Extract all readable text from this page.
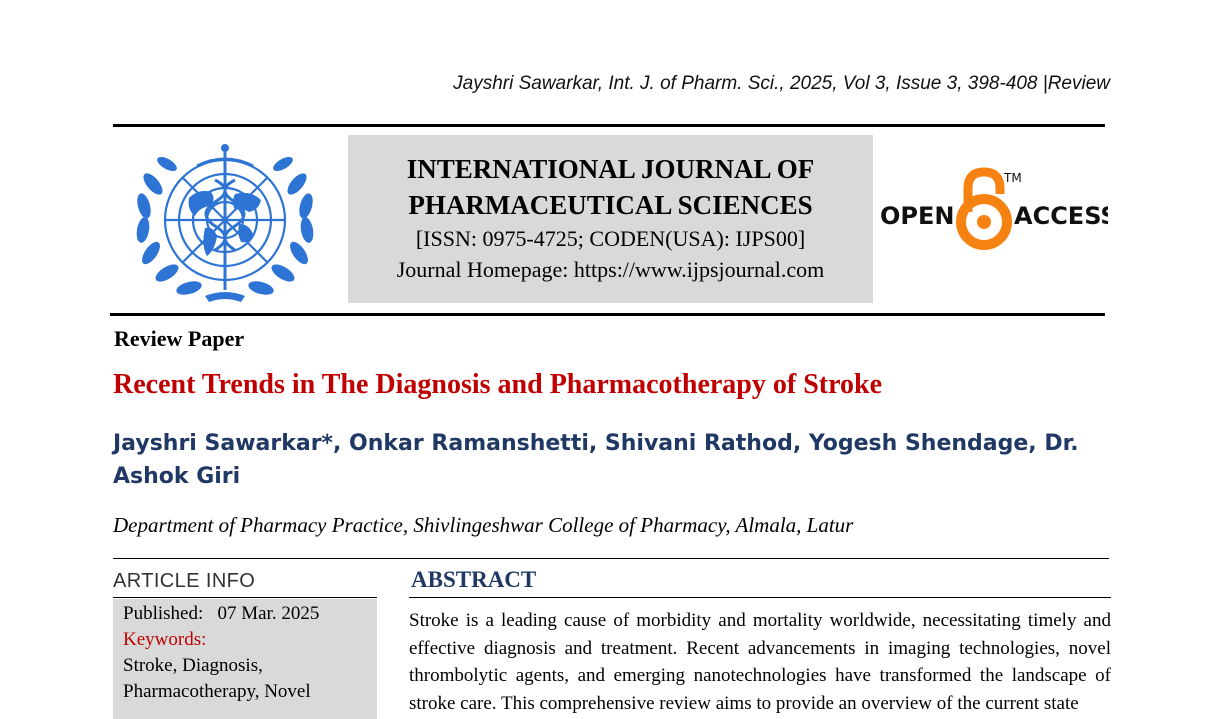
Jayshri Sawarkar, Int. J. of Pharm. Sci., 2025, Vol 3, Issue 3, 398-408 |Review
INTERNATIONAL JOURNAL OF
PHARMACEUTICAL SCIENCES
[ISSN: 0975-4725; CODEN(USA): IJPS00]
Journal Homepage: https://www.ijpsjournal.com
OPEN ACCESS
TM
Review Paper
Recent Trends in The Diagnosis and Pharmacotherapy of Stroke
Jayshri Sawarkar*, Onkar Ramanshetti, Shivani Rathod, Yogesh Shendage, Dr. Ashok Giri
Department of Pharmacy Practice, Shivlingeshwar College of Pharmacy, Almala, Latur
ARTICLE INFO
Published: 07 Mar. 2025
Keywords:
Stroke, Diagnosis, Pharmacotherapy, Novel
ABSTRACT
Stroke is a leading cause of morbidity and mortality worldwide, necessitating timely and effective diagnosis and treatment. Recent advancements in imaging technologies, novel thrombolytic agents, and emerging nanotechnologies have transformed the landscape of stroke care. This comprehensive review aims to provide an overview of the current state
